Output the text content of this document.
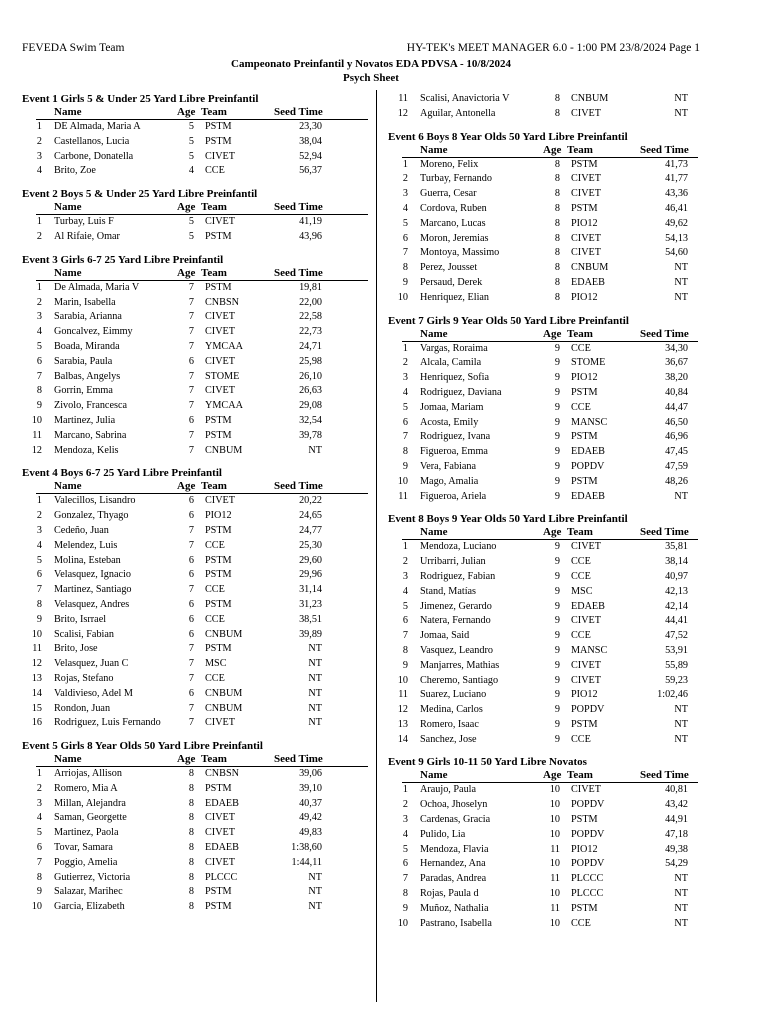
FEVEDA Swim Team	HY-TEK's MEET MANAGER 6.0 - 1:00 PM 23/8/2024 Page 1
Campeonato Preinfantil y Novatos EDA PDVSA - 10/8/2024
Psych Sheet
Event 1 Girls 5 & Under 25 Yard Libre Preinfantil
Name	Age Team	Seed Time
1 DE Almada, Maria A	5 PSTM	23,30
2 Castellanos, Lucia	5 PSTM	38,04
3 Carbone, Donatella	5 CIVET	52,94
4 Brito, Zoe	4 CCE	56,37
Event 2 Boys 5 & Under 25 Yard Libre Preinfantil
Name	Age Team	Seed Time
1 Turbay, Luis F	5 CIVET	41,19
2 Al Rifaie, Omar	5 PSTM	43,96
Event 3 Girls 6-7 25 Yard Libre Preinfantil
Name	Age Team	Seed Time
1 De Almada, Maria V	7 PSTM	19,81
2 Marin, Isabella	7 CNBSN	22,00
3 Sarabia, Arianna	7 CIVET	22,58
4 Goncalvez, Eimmy	7 CIVET	22,73
5 Boada, Miranda	7 YMCAA	24,71
6 Sarabia, Paula	6 CIVET	25,98
7 Balbas, Angelys	7 STOME	26,10
8 Gorrin, Emma	7 CIVET	26,63
9 Zivolo, Francesca	7 YMCAA	29,08
10 Martinez, Julia	6 PSTM	32,54
11 Marcano, Sabrina	7 PSTM	39,78
12 Mendoza, Kelis	7 CNBUM	NT
Event 4 Boys 6-7 25 Yard Libre Preinfantil
Name	Age Team	Seed Time
1 Valecillos, Lisandro	6 CIVET	20,22
2 Gonzalez, Thyago	6 PIO12	24,65
3 Cedeño, Juan	7 PSTM	24,77
4 Melendez, Luis	7 CCE	25,30
5 Molina, Esteban	6 PSTM	29,60
6 Velasquez, Ignacio	6 PSTM	29,96
7 Martinez, Santiago	7 CCE	31,14
8 Velasquez, Andres	6 PSTM	31,23
9 Brito, Isrrael	6 CCE	38,51
10 Scalisi, Fabian	6 CNBUM	39,89
11 Brito, Jose	7 PSTM	NT
12 Velasquez, Juan C	7 MSC	NT
13 Rojas, Stefano	7 CCE	NT
14 Valdivieso, Adel M	6 CNBUM	NT
15 Rondon, Juan	7 CNBUM	NT
16 Rodriguez, Luis Fernando	7 CIVET	NT
Event 5 Girls 8 Year Olds 50 Yard Libre Preinfantil
Name	Age Team	Seed Time
1 Arriojas, Allison	8 CNBSN	39,06
2 Romero, Mia A	8 PSTM	39,10
3 Millan, Alejandra	8 EDAEB	40,37
4 Saman, Georgette	8 CIVET	49,42
5 Martinez, Paola	8 CIVET	49,83
6 Tovar, Samara	8 EDAEB	1:38,60
7 Poggio, Amelia	8 CIVET	1:44,11
8 Gutierrez, Victoria	8 PLCCC	NT
9 Salazar, Marihec	8 PSTM	NT
10 Garcia, Elizabeth	8 PSTM	NT
11 Scalisi, Anavictoria V	8 CNBUM	NT
12 Aguilar, Antonella	8 CIVET	NT
Event 6 Boys 8 Year Olds 50 Yard Libre Preinfantil
Name	Age Team	Seed Time
1 Moreno, Felix	8 PSTM	41,73
2 Turbay, Fernando	8 CIVET	41,77
3 Guerra, Cesar	8 CIVET	43,36
4 Cordova, Ruben	8 PSTM	46,41
5 Marcano, Lucas	8 PIO12	49,62
6 Moron, Jeremias	8 CIVET	54,13
7 Montoya, Massimo	8 CIVET	54,60
8 Perez, Jousset	8 CNBUM	NT
9 Persaud, Derek	8 EDAEB	NT
10 Henriquez, Elian	8 PIO12	NT
Event 7 Girls 9 Year Olds 50 Yard Libre Preinfantil
Name	Age Team	Seed Time
1 Vargas, Roraima	9 CCE	34,30
2 Alcala, Camila	9 STOME	36,67
3 Henriquez, Sofia	9 PIO12	38,20
4 Rodriguez, Daviana	9 PSTM	40,84
5 Jomaa, Mariam	9 CCE	44,47
6 Acosta, Emily	9 MANSC	46,50
7 Rodriguez, Ivana	9 PSTM	46,96
8 Figueroa, Emma	9 EDAEB	47,45
9 Vera, Fabiana	9 POPDV	47,59
10 Mago, Amalia	9 PSTM	48,26
11 Figueroa, Ariela	9 EDAEB	NT
Event 8 Boys 9 Year Olds 50 Yard Libre Preinfantil
Name	Age Team	Seed Time
1 Mendoza, Luciano	9 CIVET	35,81
2 Urribarri, Julian	9 CCE	38,14
3 Rodriguez, Fabian	9 CCE	40,97
4 Stand, Matías	9 MSC	42,13
5 Jimenez, Gerardo	9 EDAEB	42,14
6 Natera, Fernando	9 CIVET	44,41
7 Jomaa, Said	9 CCE	47,52
8 Vasquez, Leandro	9 MANSC	53,91
9 Manjarres, Mathias	9 CIVET	55,89
10 Cheremo, Santiago	9 CIVET	59,23
11 Suarez, Luciano	9 PIO12	1:02,46
12 Medina, Carlos	9 POPDV	NT
13 Romero, Isaac	9 PSTM	NT
14 Sanchez, Jose	9 CCE	NT
Event 9 Girls 10-11 50 Yard Libre Novatos
Name	Age Team	Seed Time
1 Araujo, Paula	10 CIVET	40,81
2 Ochoa, Jhoselyn	10 POPDV	43,42
3 Cardenas, Gracia	10 PSTM	44,91
4 Pulido, Lia	10 POPDV	47,18
5 Mendoza, Flavia	11 PIO12	49,38
6 Hernandez, Ana	10 POPDV	54,29
7 Paradas, Andrea	11 PLCCC	NT
8 Rojas, Paula d	10 PLCCC	NT
9 Muñoz, Nathalia	11 PSTM	NT
10 Pastrano, Isabella	10 CCE	NT
